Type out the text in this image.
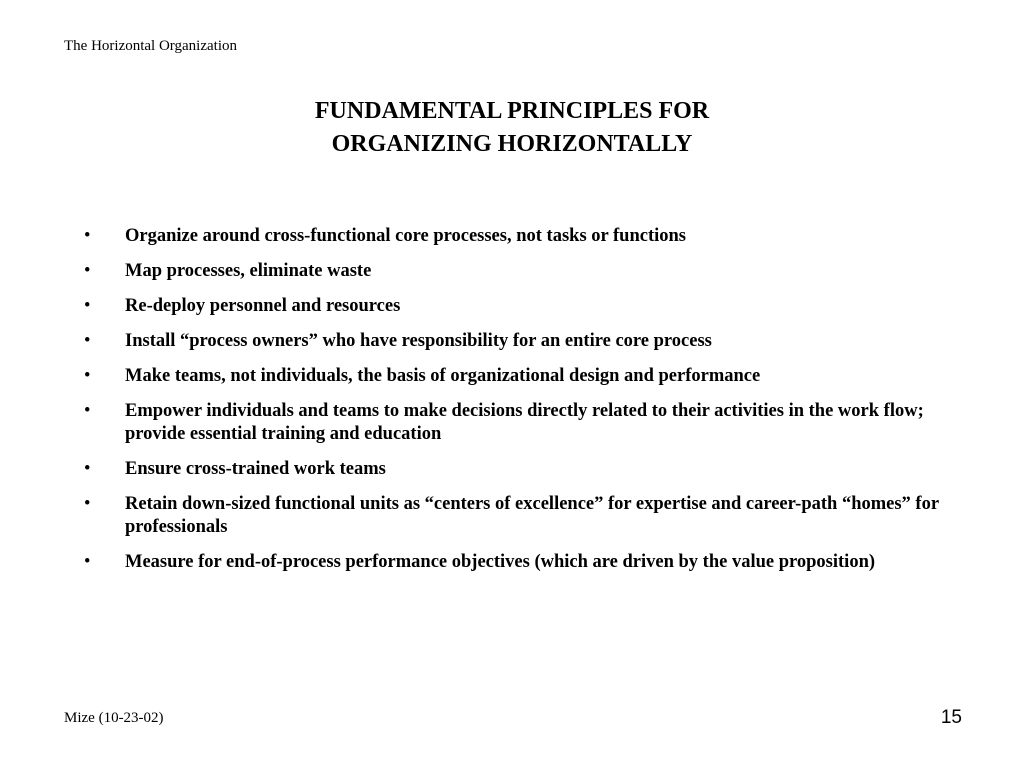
The Horizontal Organization
FUNDAMENTAL PRINCIPLES FOR
ORGANIZING HORIZONTALLY
•	Organize around cross-functional core processes, not tasks or functions
•	Map processes, eliminate waste
•	Re-deploy personnel and resources
•	Install “process owners” who have responsibility for an entire core process
•	Make teams, not individuals, the basis of organizational design and performance
•	Empower individuals and teams to make decisions directly related to their activities in the work flow; provide essential training and education
•	Ensure cross-trained work teams
•	Retain down-sized functional units as “centers of excellence” for expertise and career-path “homes” for professionals
•	Measure for end-of-process performance objectives (which are driven by the value proposition)
Mize (10-23-02)	15
